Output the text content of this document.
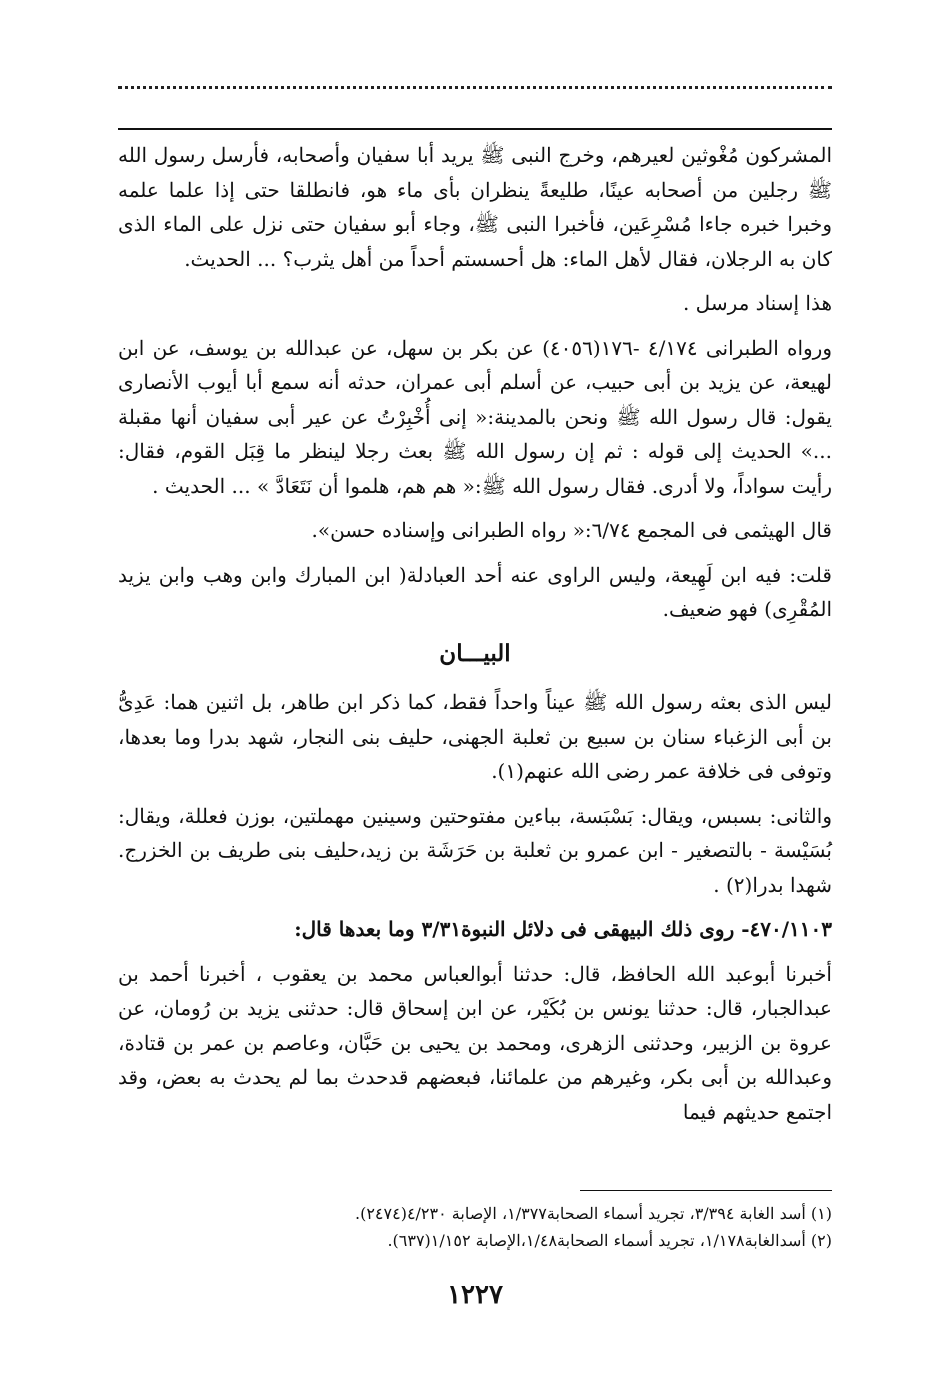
المشركون مُغْوثين لعيرهم، وخرج النبى ﷺ يريد أبا سفيان وأصحابه، فأرسل رسول الله ﷺ رجلين من أصحابه عينًا، طليعةً ينظران بأى ماء هو، فانطلقا حتى إذا علما علمه وخبرا خبره جاءا مُسْرِعَين، فأخبرا النبى ﷺ، وجاء أبو سفيان حتى نزل على الماء الذى كان به الرجلان، فقال لأهل الماء: هل أحسستم أحداً من أهل يثرب؟ ... الحديث.

هذا إسناد مرسل .

ورواه الطبرانى ٤/١٧٤ -١٧٦(٤٠٥٦) عن بكر بن سهل، عن عبدالله بن يوسف، عن ابن لهيعة، عن يزيد بن أبى حبيب، عن أسلم أبى عمران، حدثه أنه سمع أبا أيوب الأنصارى يقول: قال رسول الله ﷺ ونحن بالمدينة:« إنى أُخْبِرْتُ عن عير أبى سفيان أنها مقبلة ...» الحديث إلى قوله : ثم إن رسول الله ﷺ بعث رجلا لينظر ما قِبَل القوم، فقال: رأيت سواداً، ولا أدرى. فقال رسول الله ﷺ:« هم هم، هلموا أن نَتَعَادَّ » ... الحديث .

قال الهيثمى فى المجمع ٦/٧٤:« رواه الطبرانى وإسناده حسن».

قلت: فيه ابن لَهِيعة، وليس الراوى عنه أحد العبادلة( ابن المبارك وابن وهب وابن يزيد المُقْرِى) فهو ضعيف.

البيـــان

ليس الذى بعثه رسول الله ﷺ عيناً واحداً فقط، كما ذكر ابن طاهر، بل اثنين هما: عَدِىُّ بن أبى الزغباء سنان بن سبيع بن ثعلبة الجهنى، حليف بنى النجار، شهد بدرا وما بعدها، وتوفى فى خلافة عمر رضى الله عنهم(١).

والثانى: بسبس، ويقال: بَسْبَسة، بباءين مفتوحتين وسينين مهملتين، بوزن فعللة، ويقال: بُسَيْسة - بالتصغير - ابن عمرو بن ثعلبة بن حَرَشَة بن زيد،حليف بنى طريف بن الخزرج. شهدا بدرا(٢) .

٤٧٠/١١٠٣- روى ذلك البيهقى فى دلائل النبوة٣/٣١ وما بعدها قال:

أخبرنا أبوعبد الله الحافظ، قال: حدثنا أبوالعباس محمد بن يعقوب ، أخبرنا أحمد بن عبدالجبار، قال: حدثنا يونس بن بُكَيْر، عن ابن إسحاق قال: حدثنى يزيد بن رُومان، عن عروة بن الزبير، وحدثنى الزهرى، ومحمد بن يحيى بن حَبَّان، وعاصم بن عمر بن قتادة، وعبدالله بن أبى بكر، وغيرهم من علمائنا، فبعضهم قدحدث بما لم يحدث به بعض، وقد اجتمع حديثهم فيما

(١) أسد الغابة ٣/٣٩٤، تجريد أسماء الصحابة١/٣٧٧، الإصابة ٤/٢٣٠(٢٤٧٤).
(٢) أسدالغابة١/١٧٨، تجريد أسماء الصحابة١/٤٨،الإصابة ١/١٥٢(٦٣٧).
١٢٢٧
